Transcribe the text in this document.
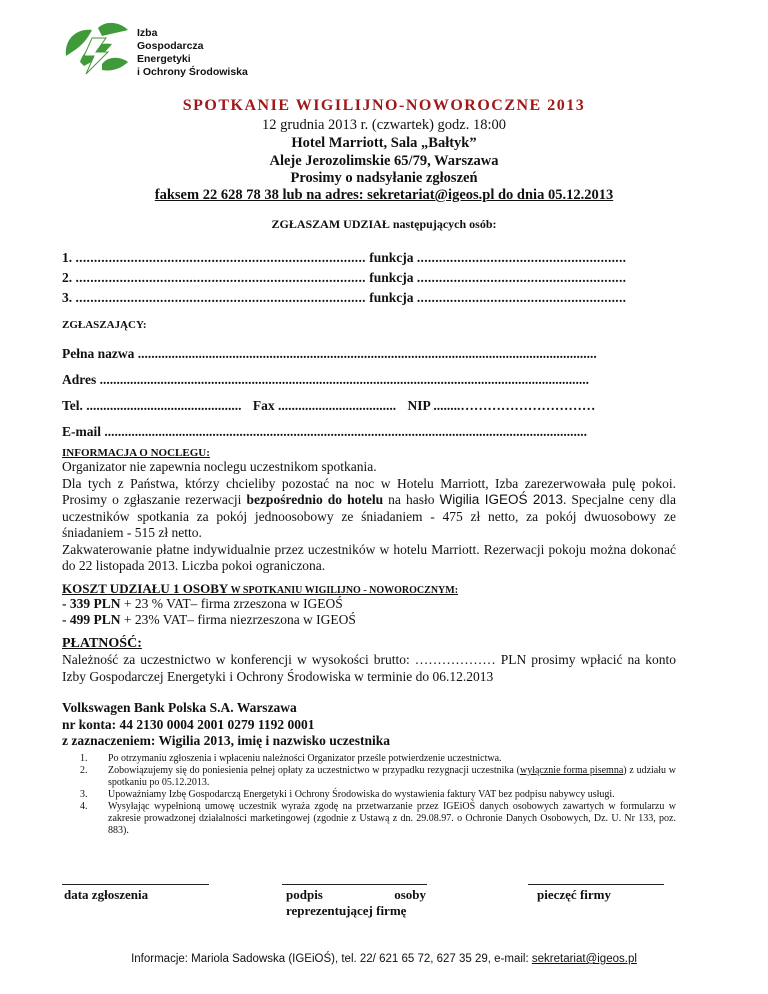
Izba
Gospodarcza
Energetyki
i Ochrony Środowiska
SPOTKANIE WIGILIJNO-NOWOROCZNE 2013
12 grudnia 2013 r. (czwartek) godz. 18:00
Hotel Marriott, Sala „Bałtyk”
Aleje Jerozolimskie 65/79, Warszawa
Prosimy o nadsyłanie zgłoszeń
faksem 22 628 78 38 lub na adres: sekretariat@igeos.pl do dnia 05.12.2013
ZGŁASZAM UDZIAŁ następujących osób:
1. ............................................................................... funkcja .........................................................
2. ............................................................................... funkcja .........................................................
3. ............................................................................... funkcja .........................................................
ZGŁASZAJĄCY:
Pełna nazwa ........................................................................................................................................
Adres .................................................................................................................................................
Tel. .............................................. Fax ................................... NIP ........…………………………
E-mail ...............................................................................................................................................
INFORMACJA O NOCLEGU:
Organizator nie zapewnia noclegu uczestnikom spotkania.
Dla tych z Państwa, którzy chcieliby pozostać na noc w Hotelu Marriott, Izba zarezerwowała pulę pokoi. Prosimy o zgłaszanie rezerwacji bezpośrednio do hotelu na hasło Wigilia IGEOŚ 2013. Specjalne ceny dla uczestników spotkania za pokój jednoosobowy ze śniadaniem - 475 zł netto, za pokój dwuosobowy ze śniadaniem - 515 zł netto.
Zakwaterowanie płatne indywidualnie przez uczestników w hotelu Marriott. Rezerwacji pokoju można dokonać do 22 listopada 2013. Liczba pokoi ograniczona.
KOSZT UDZIAŁU 1 OSOBY W SPOTKANIU WIGILIJNO - NOWOROCZNYM:
- 339 PLN + 23 % VAT– firma zrzeszona w IGEOŚ
- 499 PLN + 23% VAT– firma niezrzeszona w IGEOŚ
PŁATNOŚĆ:
Należność za uczestnictwo w konferencji w wysokości brutto: ……………… PLN prosimy wpłacić na konto Izby Gospodarczej Energetyki i Ochrony Środowiska w terminie do 06.12.2013
Volkswagen Bank Polska S.A. Warszawa
nr konta: 44 2130 0004 2001 0279 1192 0001
z zaznaczeniem: Wigilia 2013, imię i nazwisko uczestnika
1.	Po otrzymaniu zgłoszenia i wpłaceniu należności Organizator prześle potwierdzenie uczestnictwa.
2.	Zobowiązujemy się do poniesienia pełnej opłaty za uczestnictwo w przypadku rezygnacji uczestnika (wyłącznie forma pisemna) z udziału w spotkaniu po 05.12.2013.
3.	Upoważniamy Izbę Gospodarczą Energetyki i Ochrony Środowiska do wystawienia faktury VAT bez podpisu nabywcy usługi.
4.	Wysyłając wypełnioną umowę uczestnik wyraża zgodę na przetwarzanie przez IGEiOŚ danych osobowych zawartych w formularzu w zakresie prowadzonej działalności marketingowej (zgodnie z Ustawą z dn. 29.08.97. o Ochronie Danych Osobowych, Dz. U. Nr 133, poz. 883).
data zgłoszenia	podpis	osoby
reprezentującej firmę
pieczęć firmy
Informacje: Mariola Sadowska (IGEiOŚ), tel. 22/ 621 65 72, 627 35 29, e-mail: sekretariat@igeos.pl
